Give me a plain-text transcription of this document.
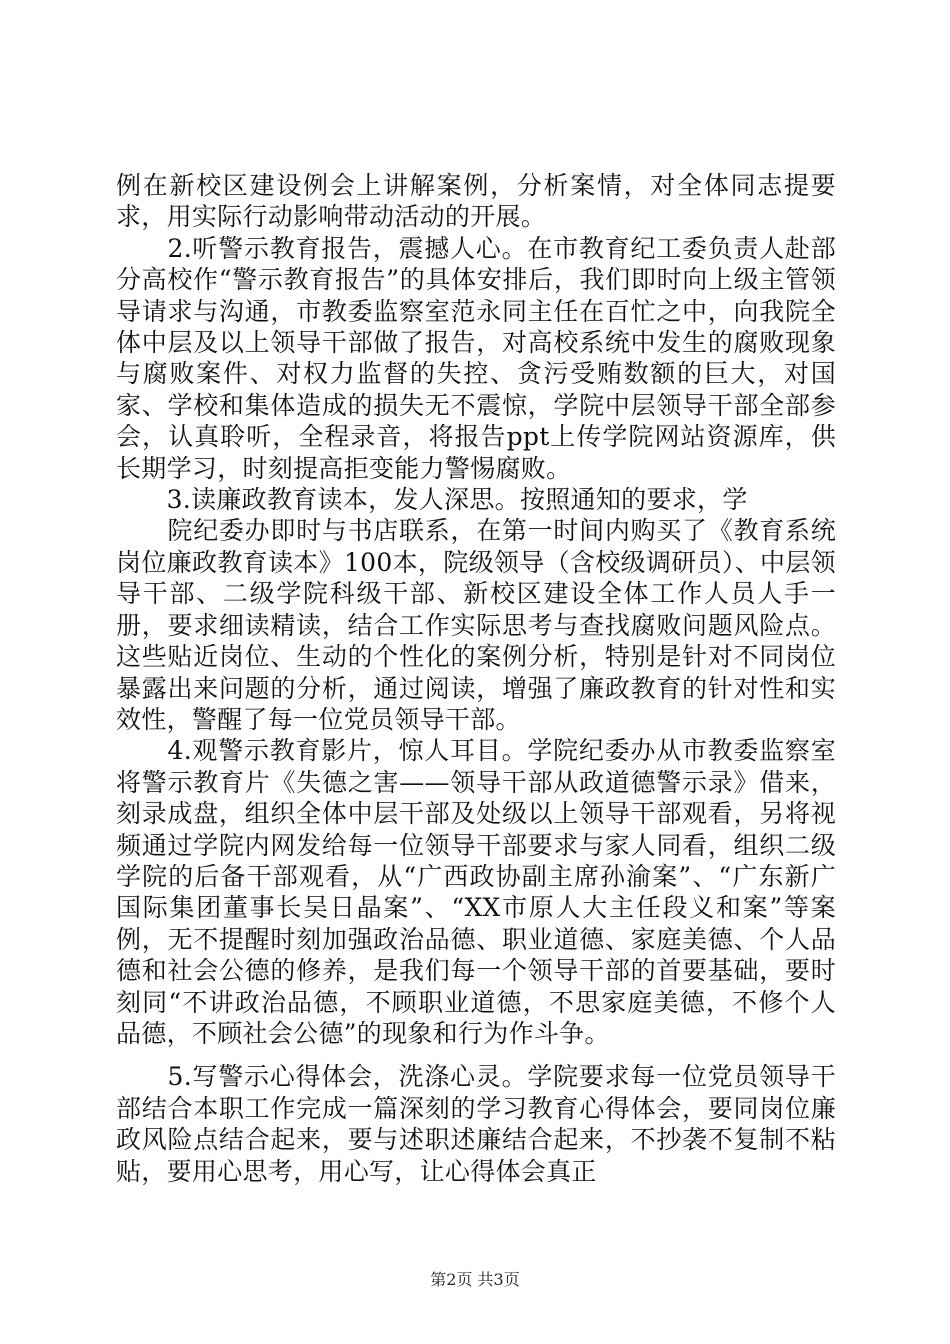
例在新校区建设例会上讲解案例，分析案情，对全体同志提要求，用实际行动影响带动活动的开展。

　　2.听警示教育报告，震撼人心。在市教育纪工委负责人赴部分高校作“警示教育报告”的具体安排后，我们即时向上级主管领导请求与沟通，市教委监察室范永同主任在百忙之中，向我院全体中层及以上领导干部做了报告，对高校系统中发生的腐败现象与腐败案件、对权力监督的失控、贪污受贿数额的巨大，对国家、学校和集体造成的损失无不震惊，学院中层领导干部全部参会，认真聆听，全程录音，将报告ppt上传学院网站资源库，供长期学习，时刻提高拒变能力警惕腐败。

　　3.读廉政教育读本，发人深思。按照通知的要求，学

　　院纪委办即时与书店联系，在第一时间内购买了《教育系统岗位廉政教育读本》100本，院级领导（含校级调研员）、中层领导干部、二级学院科级干部、新校区建设全体工作人员人手一册，要求细读精读，结合工作实际思考与查找腐败问题风险点。这些贴近岗位、生动的个性化的案例分析，特别是针对不同岗位暴露出来问题的分析，通过阅读，增强了廉政教育的针对性和实效性，警醒了每一位党员领导干部。

　　4.观警示教育影片，惊人耳目。学院纪委办从市教委监察室将警示教育片《失德之害——领导干部从政道德警示录》借来，刻录成盘，组织全体中层干部及处级以上领导干部观看，另将视频通过学院内网发给每一位领导干部要求与家人同看，组织二级学院的后备干部观看，从“广西政协副主席孙渝案”、“广东新广国际集团董事长吴日晶案”、“XX市原人大主任段义和案”等案例，无不提醒时刻加强政治品德、职业道德、家庭美德、个人品德和社会公德的修养，是我们每一个领导干部的首要基础，要时刻同“不讲政治品德，不顾职业道德，不思家庭美德，不修个人品德，不顾社会公德”的现象和行为作斗争。

　　5.写警示心得体会，洗涤心灵。学院要求每一位党员领导干部结合本职工作完成一篇深刻的学习教育心得体会，要同岗位廉政风险点结合起来，要与述职述廉结合起来，不抄袭不复制不粘贴，要用心思考，用心写，让心得体会真正

第2页 共3页
